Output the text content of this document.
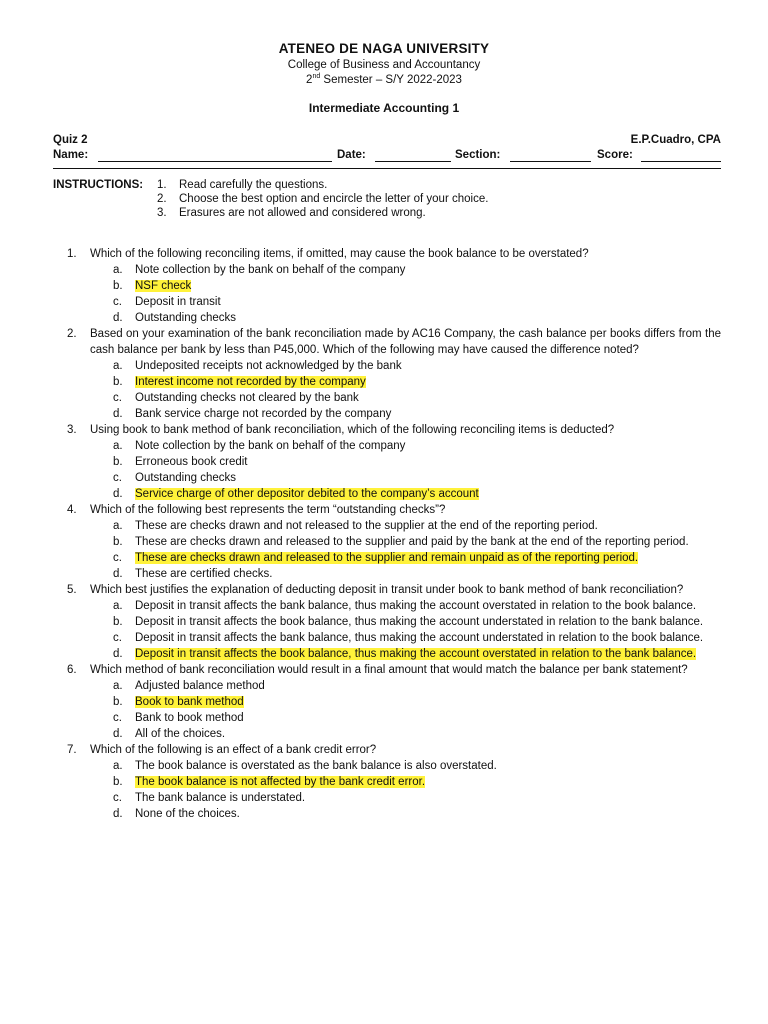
ATENEO DE NAGA UNIVERSITY
College of Business and Accountancy
2nd Semester – S/Y 2022-2023
Intermediate Accounting 1
Quiz 2	E.P.Cuadro, CPA
Name:	Date:	Section:	Score:
INSTRUCTIONS: 1. Read carefully the questions.
2. Choose the best option and encircle the letter of your choice.
3. Erasures are not allowed and considered wrong.
1. Which of the following reconciling items, if omitted, may cause the book balance to be overstated?
a. Note collection by the bank on behalf of the company
b. NSF check
c. Deposit in transit
d. Outstanding checks
2. Based on your examination of the bank reconciliation made by AC16 Company, the cash balance per books differs from the cash balance per bank by less than P45,000. Which of the following may have caused the difference noted?
a. Undeposited receipts not acknowledged by the bank
b. Interest income not recorded by the company
c. Outstanding checks not cleared by the bank
d. Bank service charge not recorded by the company
3. Using book to bank method of bank reconciliation, which of the following reconciling items is deducted?
a. Note collection by the bank on behalf of the company
b. Erroneous book credit
c. Outstanding checks
d. Service charge of other depositor debited to the company’s account
4. Which of the following best represents the term “outstanding checks”?
a. These are checks drawn and not released to the supplier at the end of the reporting period.
b. These are checks drawn and released to the supplier and paid by the bank at the end of the reporting period.
c. These are checks drawn and released to the supplier and remain unpaid as of the reporting period.
d. These are certified checks.
5. Which best justifies the explanation of deducting deposit in transit under book to bank method of bank reconciliation?
a. Deposit in transit affects the bank balance, thus making the account overstated in relation to the book balance.
b. Deposit in transit affects the book balance, thus making the account understated in relation to the bank balance.
c. Deposit in transit affects the bank balance, thus making the account understated in relation to the book balance.
d. Deposit in transit affects the book balance, thus making the account overstated in relation to the bank balance.
6. Which method of bank reconciliation would result in a final amount that would match the balance per bank statement?
a. Adjusted balance method
b. Book to bank method
c. Bank to book method
d. All of the choices.
7. Which of the following is an effect of a bank credit error?
a. The book balance is overstated as the bank balance is also overstated.
b. The book balance is not affected by the bank credit error.
c. The bank balance is understated.
d. None of the choices.
